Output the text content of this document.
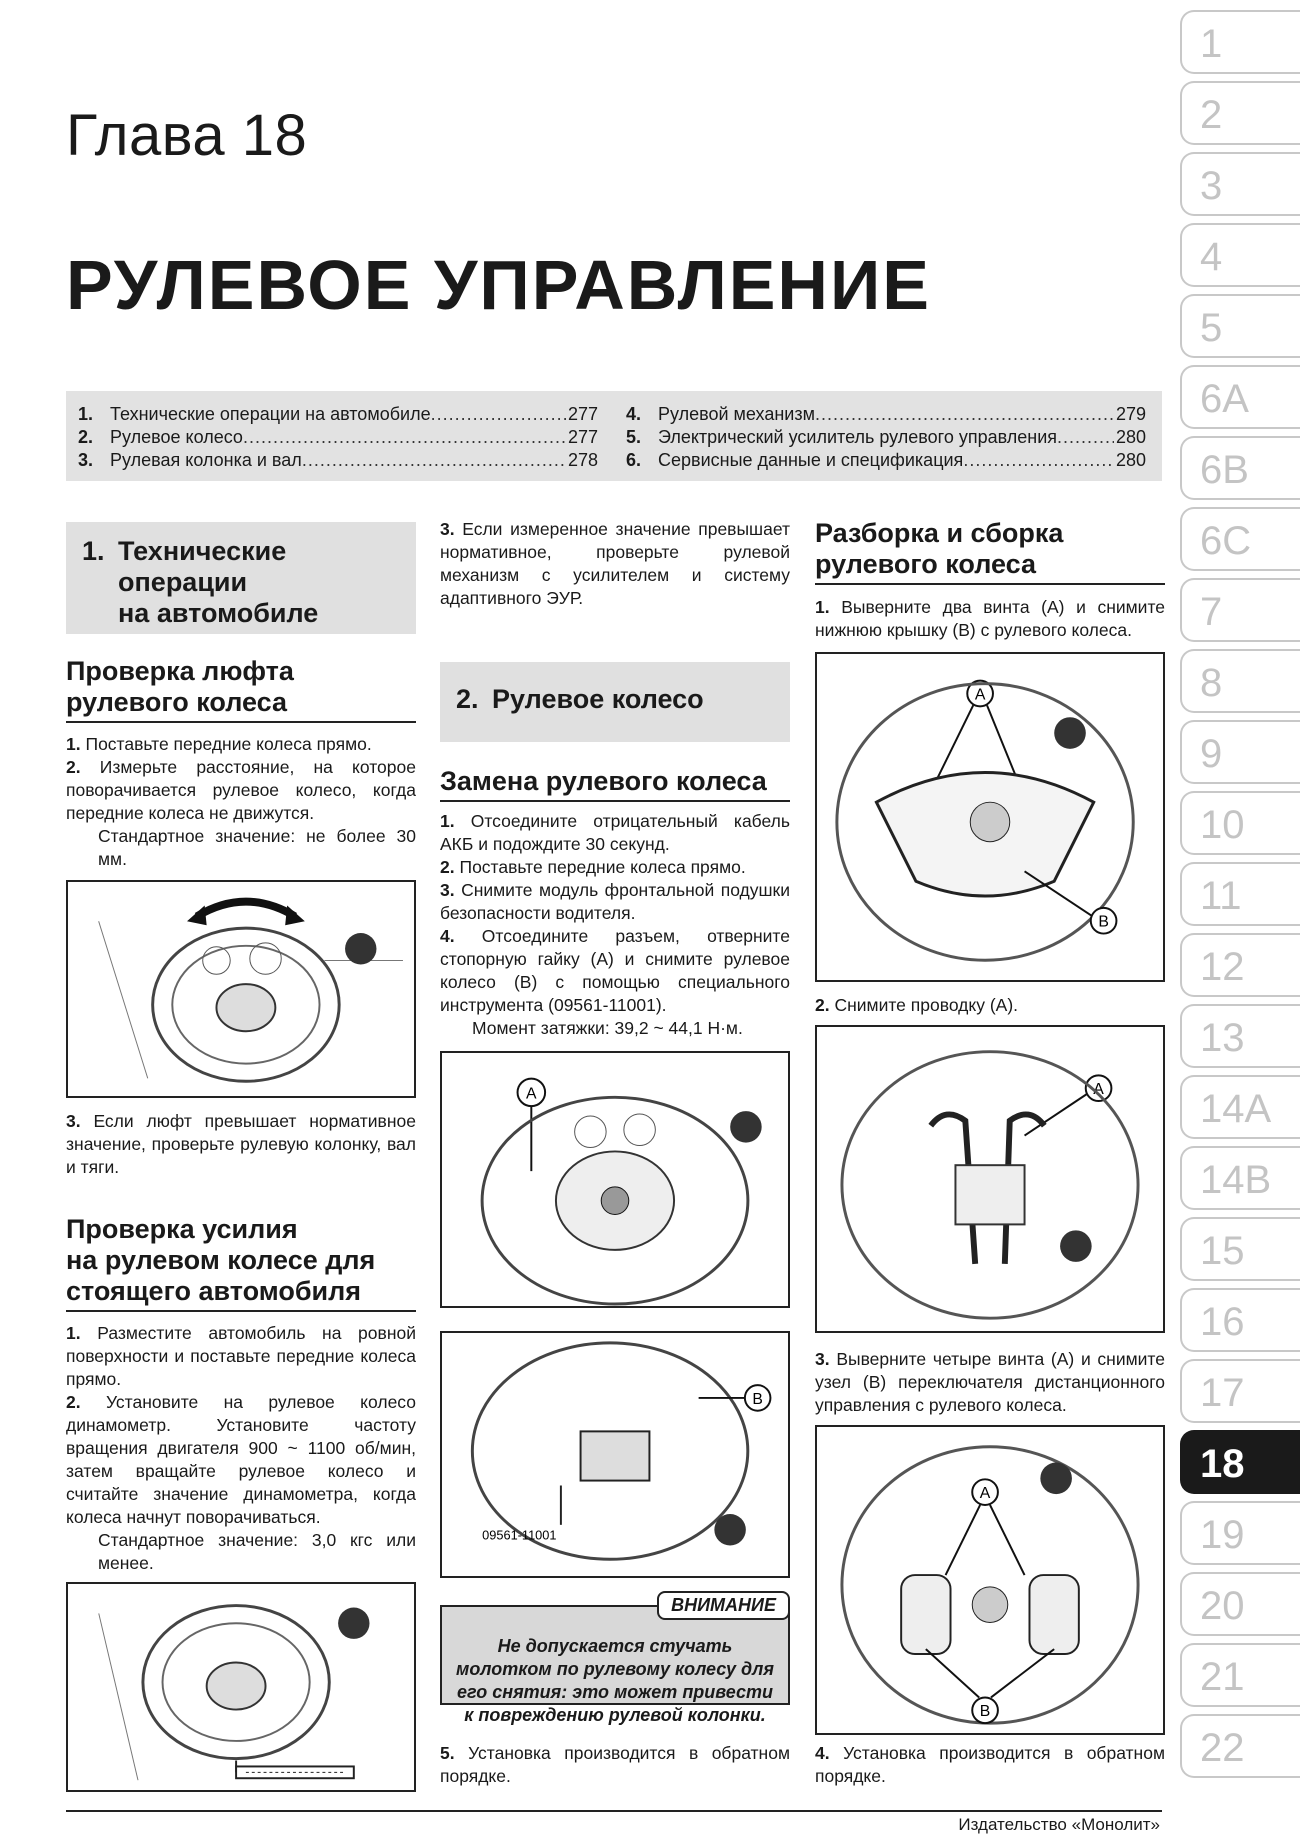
Глава 18
РУЛЕВОЕ УПРАВЛЕНИЕ
1. Технические операции на автомобиле .....	277
2. Рулевое колесо .....	277
3. Рулевая колонка и вал .....	278
4. Рулевой механизм .....	279
5. Электрический усилитель рулевого управления .....	280
6. Сервисные данные и спецификация .....	280
1. Технические
операции
на автомобиле
Проверка люфта
рулевого колеса
1. Поставьте передние колеса прямо.
2. Измерьте расстояние, на которое поворачивается рулевое колесо, когда передние колеса не движутся.
Стандартное значение: не более 30 мм.
3. Если люфт превышает нормативное значение, проверьте рулевую колонку, вал и тяги.
Проверка усилия
на рулевом колесе для
стоящего автомобиля
1. Разместите автомобиль на ровной поверхности и поставьте передние колеса прямо.
2. Установите на рулевое колесо динамометр. Установите частоту вращения двигателя 900 ~ 1100 об/мин, затем вращайте рулевое колесо и считайте значение динамометра, когда колеса начнут поворачиваться.
Стандартное значение: 3,0 кгс или менее.
3. Если измеренное значение превышает нормативное, проверьте рулевой механизм с усилителем и систему адаптивного ЭУР.
2. Рулевое колесо
Замена рулевого колеса
1. Отсоедините отрицательный кабель АКБ и подождите 30 секунд.
2. Поставьте передние колеса прямо.
3. Снимите модуль фронтальной подушки безопасности водителя.
4. Отсоедините разъем, отверните стопорную гайку (A) и снимите рулевое колесо (B) с помощью специального инструмента (09561-11001).
Момент затяжки: 39,2 ~ 44,1 Н·м.
A
B
09561-11001
ВНИМАНИЕ
Не допускается стучать молотком по рулевому колесу для его снятия: это может привести к повреждению рулевой колонки.
5. Установка производится в обратном порядке.
Разборка и сборка
рулевого колеса
1. Выверните два винта (A) и снимите нижнюю крышку (B) с рулевого колеса.
A
B
2. Снимите проводку (A).
A
3. Выверните четыре винта (A) и снимите узел (B) переключателя дистанционного управления с рулевого колеса.
A
B
4. Установка производится в обратном порядке.
1
2
3
4
5
6A
6B
6C
7
8
9
10
11
12
13
14A
14B
15
16
17
18
19
20
21
22
Издательство «Монолит»
